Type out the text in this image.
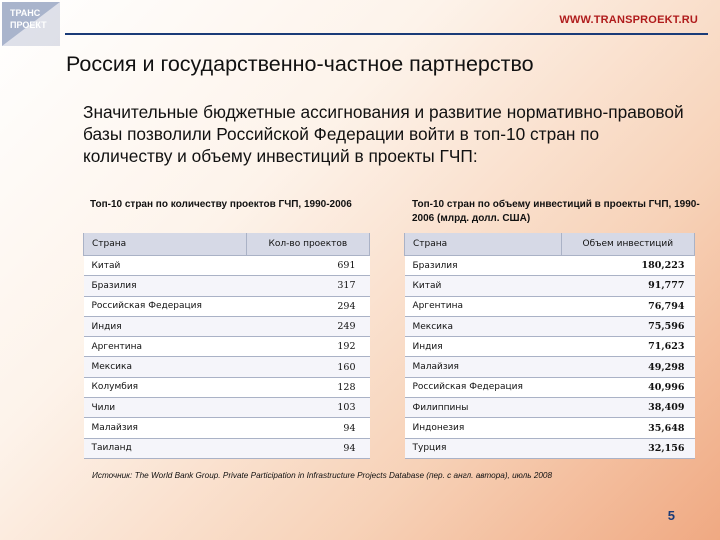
ТРАНС
ПРОЕКТ	WWW.TRANSPROEKT.RU
Россия и государственно-частное партнерство
Значительные бюджетные ассигнования и развитие нормативно-правовой базы позволили Российской Федерации войти в топ-10 стран по количеству и объему инвестиций в проекты ГЧП:
Топ-10 стран по количеству проектов ГЧП, 1990-2006	Топ-10 стран по объему инвестиций в проекты ГЧП, 1990-2006 (млрд. долл. США)
Страна	Кол-во проектов
Китай	691
Бразилия	317
Российская Федерация	294
Индия	249
Аргентина	192
Мексика	160
Колумбия	128
Чили	103
Малайзия	94
Таиланд	94
Страна	Объем инвестиций
Бразилия	180,223
Китай	91,777
Аргентина	76,794
Мексика	75,596
Индия	71,623
Малайзия	49,298
Российская Федерация	40,996
Филиппины	38,409
Индонезия	35,648
Турция	32,156
Источник: The World Bank Group. Private Participation in Infrastructure Projects Database (пер. с англ. автора), июль 2008
5
